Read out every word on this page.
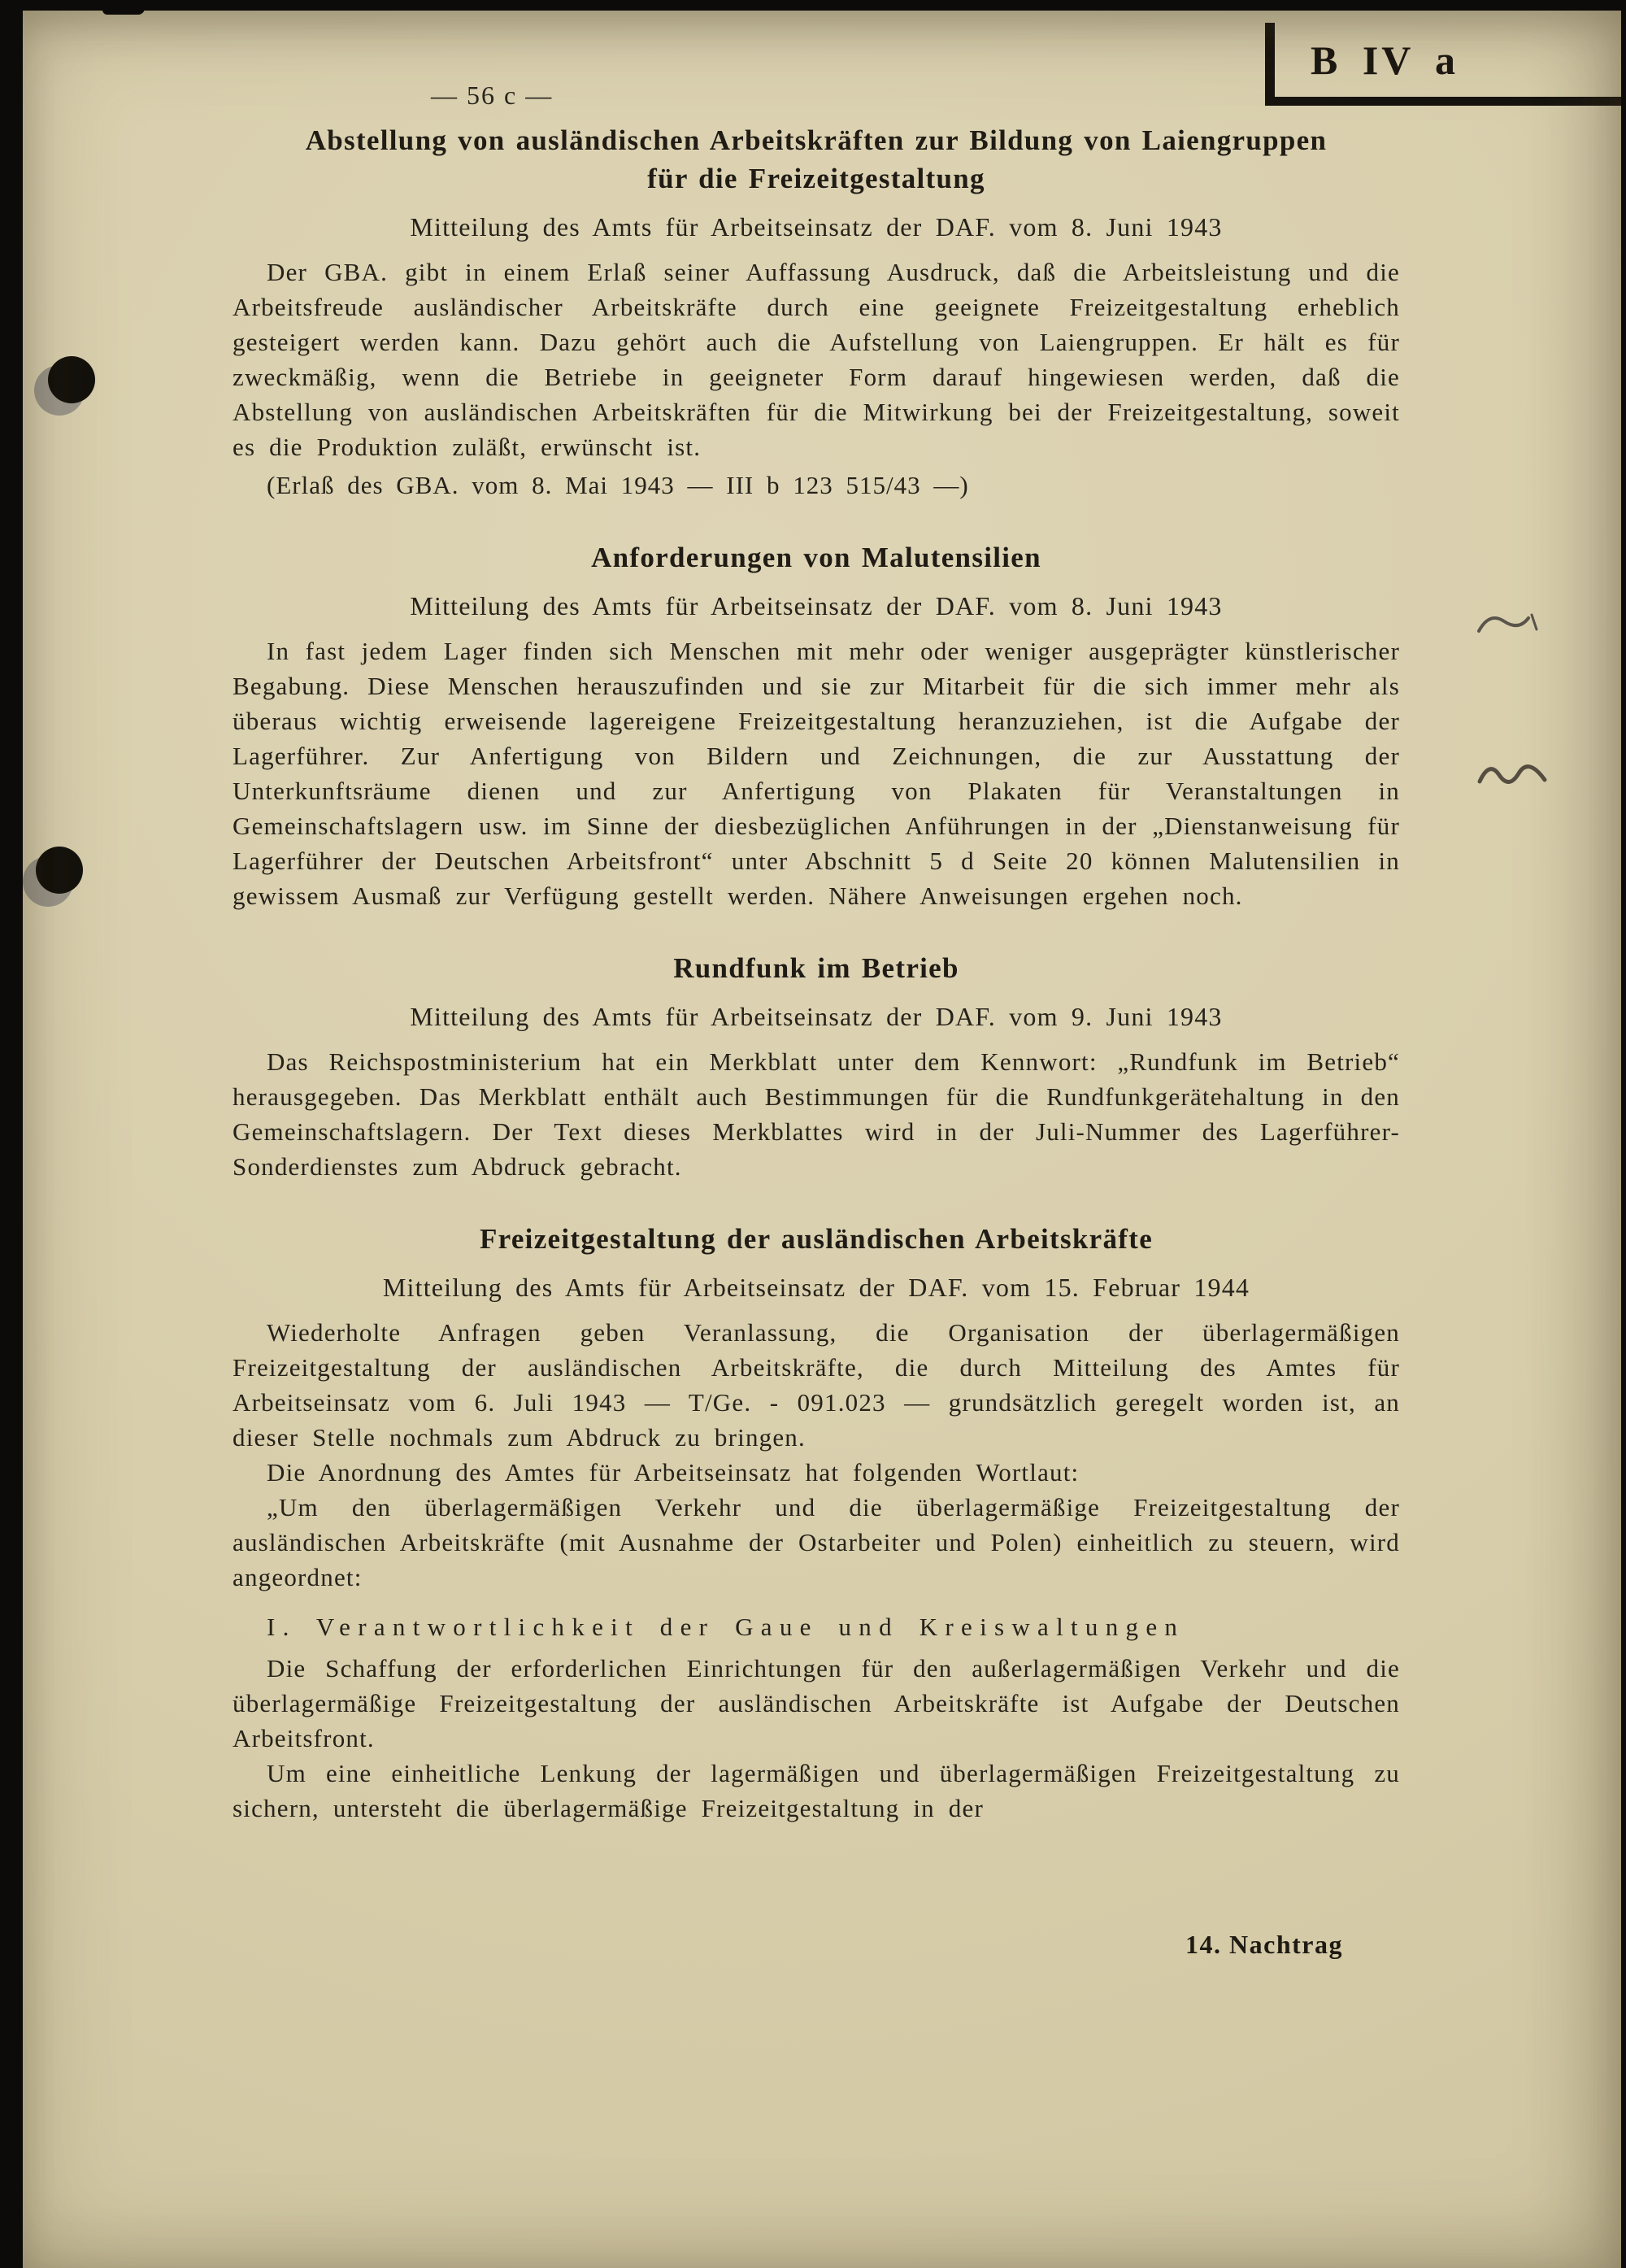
B IV a
— 56 c —
Abstellung von ausländischen Arbeitskräften zur Bildung von Laiengruppen für die Freizeitgestaltung

Mitteilung des Amts für Arbeitseinsatz der DAF. vom 8. Juni 1943

Der GBA. gibt in einem Erlaß seiner Auffassung Ausdruck, daß die Arbeitsleistung und die Arbeitsfreude ausländischer Arbeitskräfte durch eine geeignete Freizeitgestaltung erheblich gesteigert werden kann. Dazu gehört auch die Aufstellung von Laiengruppen. Er hält es für zweckmäßig, wenn die Betriebe in geeigneter Form darauf hingewiesen werden, daß die Abstellung von ausländischen Arbeitskräften für die Mitwirkung bei der Freizeitgestaltung, soweit es die Produktion zuläßt, erwünscht ist.

(Erlaß des GBA. vom 8. Mai 1943 — III b 123 515/43 —)

Anforderungen von Malutensilien

Mitteilung des Amts für Arbeitseinsatz der DAF. vom 8. Juni 1943

In fast jedem Lager finden sich Menschen mit mehr oder weniger ausgeprägter künstlerischer Begabung. Diese Menschen herauszufinden und sie zur Mitarbeit für die sich immer mehr als überaus wichtig erweisende lagereigene Freizeitgestaltung heranzuziehen, ist die Aufgabe der Lagerführer. Zur Anfertigung von Bildern und Zeichnungen, die zur Ausstattung der Unterkunftsräume dienen und zur Anfertigung von Plakaten für Veranstaltungen in Gemeinschaftslagern usw. im Sinne der diesbezüglichen Anführungen in der „Dienstanweisung für Lagerführer der Deutschen Arbeitsfront“ unter Abschnitt 5 d Seite 20 können Malutensilien in gewissem Ausmaß zur Verfügung gestellt werden. Nähere Anweisungen ergehen noch.

Rundfunk im Betrieb

Mitteilung des Amts für Arbeitseinsatz der DAF. vom 9. Juni 1943

Das Reichspostministerium hat ein Merkblatt unter dem Kennwort: „Rundfunk im Betrieb“ herausgegeben. Das Merkblatt enthält auch Bestimmungen für die Rundfunkgerätehaltung in den Gemeinschaftslagern. Der Text dieses Merkblattes wird in der Juli-Nummer des Lagerführer-Sonderdienstes zum Abdruck gebracht.

Freizeitgestaltung der ausländischen Arbeitskräfte

Mitteilung des Amts für Arbeitseinsatz der DAF. vom 15. Februar 1944

Wiederholte Anfragen geben Veranlassung, die Organisation der überlagermäßigen Freizeitgestaltung der ausländischen Arbeitskräfte, die durch Mitteilung des Amtes für Arbeitseinsatz vom 6. Juli 1943 — T/Ge. - 091.023 — grundsätzlich geregelt worden ist, an dieser Stelle nochmals zum Abdruck zu bringen.

Die Anordnung des Amtes für Arbeitseinsatz hat folgenden Wortlaut:

„Um den überlagermäßigen Verkehr und die überlagermäßige Freizeitgestaltung der ausländischen Arbeitskräfte (mit Ausnahme der Ostarbeiter und Polen) einheitlich zu steuern, wird angeordnet:

I. Verantwortlichkeit der Gaue und Kreiswaltungen

Die Schaffung der erforderlichen Einrichtungen für den außerlagermäßigen Verkehr und die überlagermäßige Freizeitgestaltung der ausländischen Arbeitskräfte ist Aufgabe der Deutschen Arbeitsfront.

Um eine einheitliche Lenkung der lagermäßigen und überlagermäßigen Freizeitgestaltung zu sichern, untersteht die überlagermäßige Freizeitgestaltung in der

14. Nachtrag
